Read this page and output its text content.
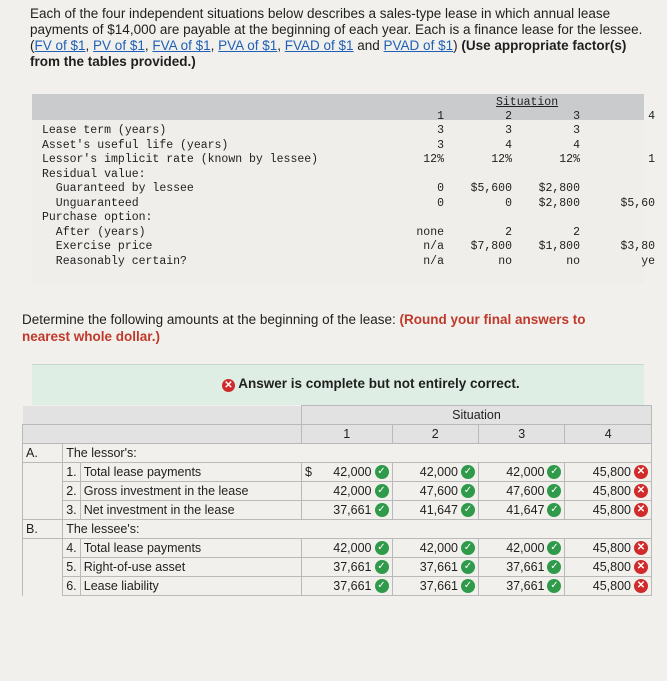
Each of the four independent situations below describes a sales-type lease in which annual lease payments of $14,000 are payable at the beginning of each year. Each is a finance lease for the lessee. (FV of $1, PV of $1, FVA of $1, PVA of $1, FVAD of $1 and PVAD of $1) (Use appropriate factor(s) from the tables provided.)
Situation
1	2	3	4
Lease term (years)	3	3	3
Asset's useful life (years)	3	4	4
Lessor's implicit rate (known by lessee)	12%	12%	12%	1
Residual value:
Guaranteed by lessee	0	$5,600	$2,800
Unguaranteed	0	0	$2,800	$5,60
Purchase option:
After (years)	none	2	2
Exercise price	n/a	$7,800	$1,800	$3,80
Reasonably certain?	n/a	no	no	ye
Determine the following amounts at the beginning of the lease: (Round your final answers to nearest whole dollar.)
✕ Answer is complete but not entirely correct.
			Situation			
			1	2	3	4
A.	The lessor's:					
	1.	Total lease payments	$ 42,000 ✓	42,000 ✓	42,000 ✓	45,800 ✕
	2.	Gross investment in the lease	42,000 ✓	47,600 ✓	47,600 ✓	45,800 ✕
	3.	Net investment in the lease	37,661 ✓	41,647 ✓	41,647 ✓	45,800 ✕
B.	The lessee's:					
	4.	Total lease payments	42,000 ✓	42,000 ✓	42,000 ✓	45,800 ✕
	5.	Right-of-use asset	37,661 ✓	37,661 ✓	37,661 ✓	45,800 ✕
	6.	Lease liability	37,661 ✓	37,661 ✓	37,661 ✓	45,800 ✕
